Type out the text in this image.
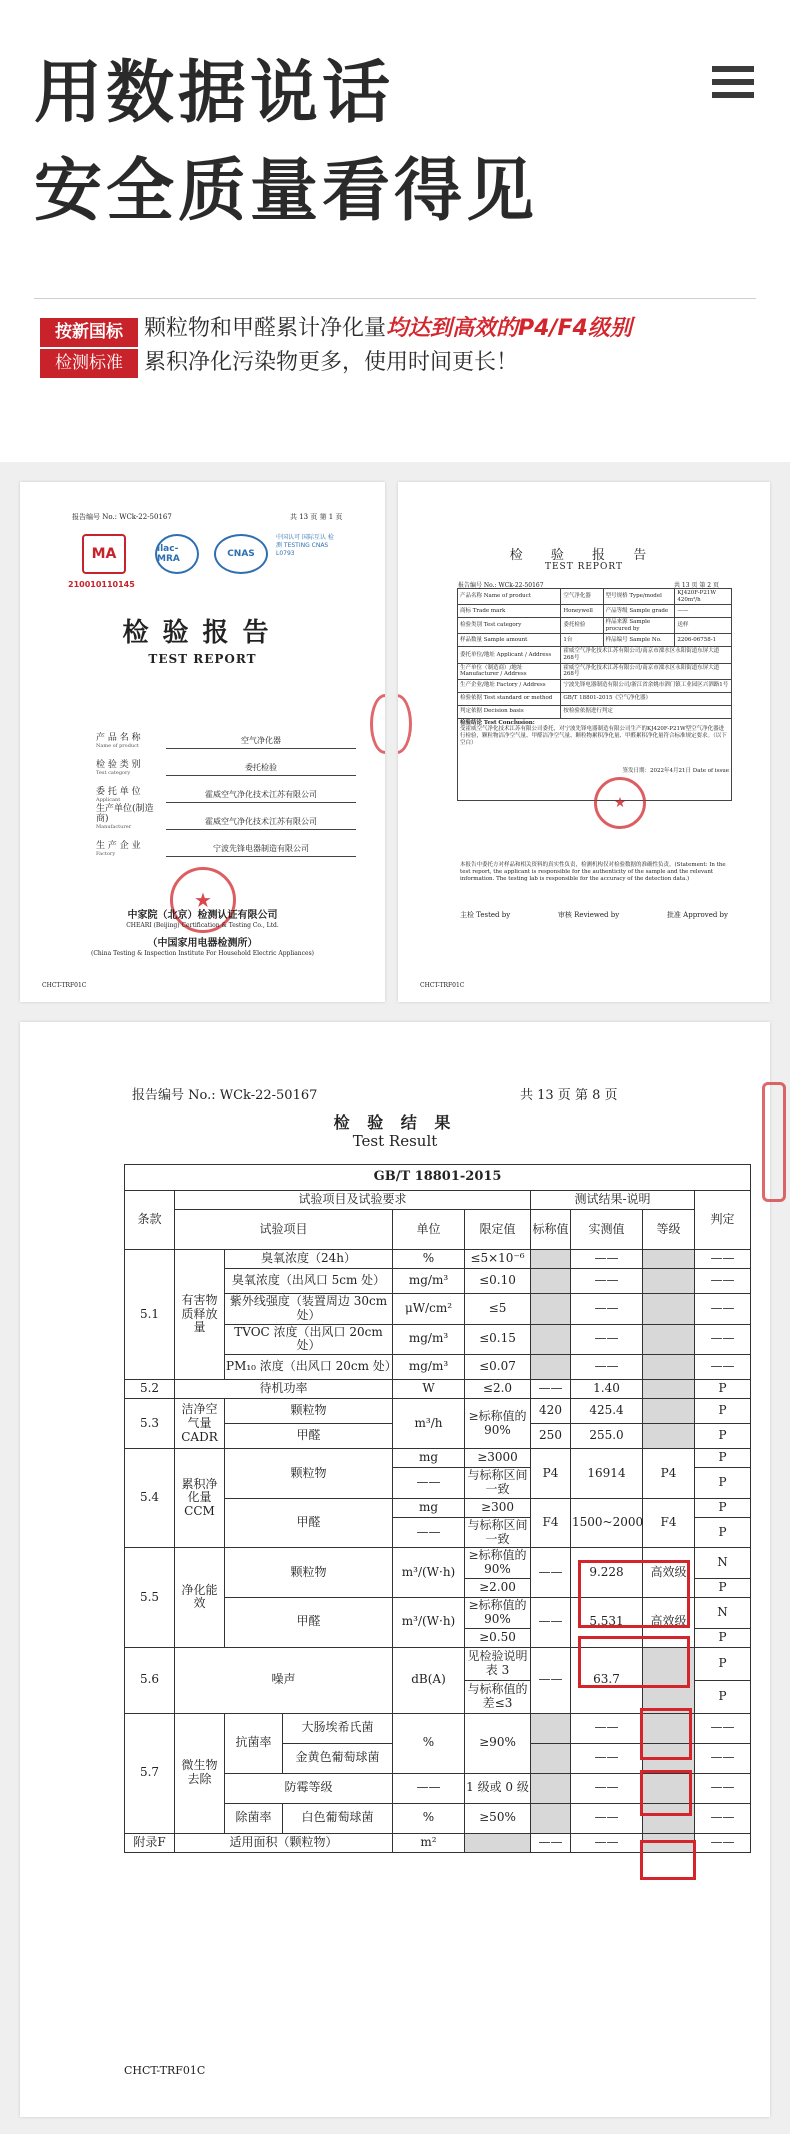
用数据说话
安全质量看得见
按新国标
检测标准
颗粒物和甲醛累计净化量均达到高效的P4/F4级别
累积净化污染物更多，使用时间更长！
报告编号 No.: WCk-22-50167	共 13 页 第 1 页
MA
210010110145
ilac-MRA	CNAS
中国认可 国际互认 检测 TESTING CNAS L0793
检验报告
TEST REPORT
产 品 名 称
Name of product
空气净化器
检 验 类 别
Test category
委托检验
委 托 单 位
Applicant
霍威空气净化技术江苏有限公司
生产单位(制造商)
Manufacturer
霍威空气净化技术江苏有限公司
生 产 企 业
Factory
宁波先锋电器制造有限公司
★
中家院（北京）检测认证有限公司
CHEARI (Beijing) Certification & Testing Co., Ltd.
（中国家用电器检测所）
(China Testing & Inspection Institute For Household Electric Appliances)
CHCT-TRF01C
检 验 报 告
TEST REPORT
报告编号 No.: WCk-22-50167	共 13 页 第 2 页
产品名称 Name of product	空气净化器	型号规格 Type/model	KJ420F-P21W 420m³/h
商标 Trade mark	Honeywell	产品等级 Sample grade	——
检验类别 Test category	委托检验	样品来源 Sample procured by	送样
样品数量 Sample amount	1台	样品编号 Sample No.	2206-06758-1
委托单位/地址 Applicant / Address	霍威空气净化技术江苏有限公司/南京市溧水区永阳街道东屏大道268号		
生产单位（制造商）/地址 Manufacturer / Address	霍威空气净化技术江苏有限公司/南京市溧水区永阳街道东屏大道268号		
生产企业/地址 Factory / Address	宁波先锋电器制造有限公司/浙江省余姚市泗门镇工业园区兴泗路1号		
检验依据 Test standard or method	GB/T 18801-2015《空气净化器》		
判定依据 Decision basis	按检验依据进行判定		

检验结论 Test Conclusion:
受霍威空气净化技术江苏有限公司委托，对宁波先锋电器制造有限公司生产的KJ420F-P21W型空气净化器进行检验，颗粒物洁净空气量、甲醛洁净空气量、颗粒物累积净化量、甲醛累积净化量符合标准规定要求。（以下空白）
签发日期：2022年4月21日 Date of issue			
★
本报告中委托方对样品和相关资料的真实性负责，检测机构仅对检验数据的准确性负责。(Statement: In the test report, the applicant is responsible for the authenticity of the sample and the relevant information. The testing lab is responsible for the accuracy of the detection data.)
主检 Tested by	审核 Reviewed by	批准 Approved by
CHCT-TRF01C
报告编号 No.: WCk-22-50167	共 13 页 第 8 页
检 验 结 果
Test Result
GB/T 18801-2015									
条款	试验项目及试验要求					测试结果-说明			判定
	试验项目			单位	限定值	标称值	实测值	等级	
5.1	有害物质释放量	臭氧浓度（24h）		%	≤5×10⁻⁶		——		——
		臭氧浓度（出风口 5cm 处）		mg/m³	≤0.10		——		——
		紫外线强度（装置周边 30cm 处）		μW/cm²	≤5		——		——
		TVOC 浓度（出风口 20cm 处）		mg/m³	≤0.15		——		——
		PM₁₀ 浓度（出风口 20cm 处）		mg/m³	≤0.07		——		——
5.2	待机功率			W	≤2.0	——	1.40		P
5.3	洁净空气量 CADR	颗粒物		m³/h	≥标称值的 90%	420	425.4		P
		甲醛				250	255.0		P
5.4	累积净化量 CCM	颗粒物		mg	≥3000	P4	16914	P4	P
				——	与标称区间一致				P
		甲醛		mg	≥300	F4	1500~2000	F4	P
				——	与标称区间一致				P
5.5	净化能效	颗粒物		m³/(W·h)	≥标称值的 90%	——	9.228	高效级	N
					≥2.00				P
		甲醛		m³/(W·h)	≥标称值的 90%	——	5.531	高效级	N
					≥0.50				P
5.6	噪声			dB(A)	见检验说明表 3	——	63.7		P
					与标称值的差≤3				P
5.7	微生物去除	抗菌率	大肠埃希氏菌	%	≥90%		——		——
			金黄色葡萄球菌				——		——
		防霉等级		——	1 级或 0 级		——		——
		除菌率	白色葡萄球菌	%	≥50%		——		——
附录F	适用面积（颗粒物）			m²		——	——		——
CHCT-TRF01C
